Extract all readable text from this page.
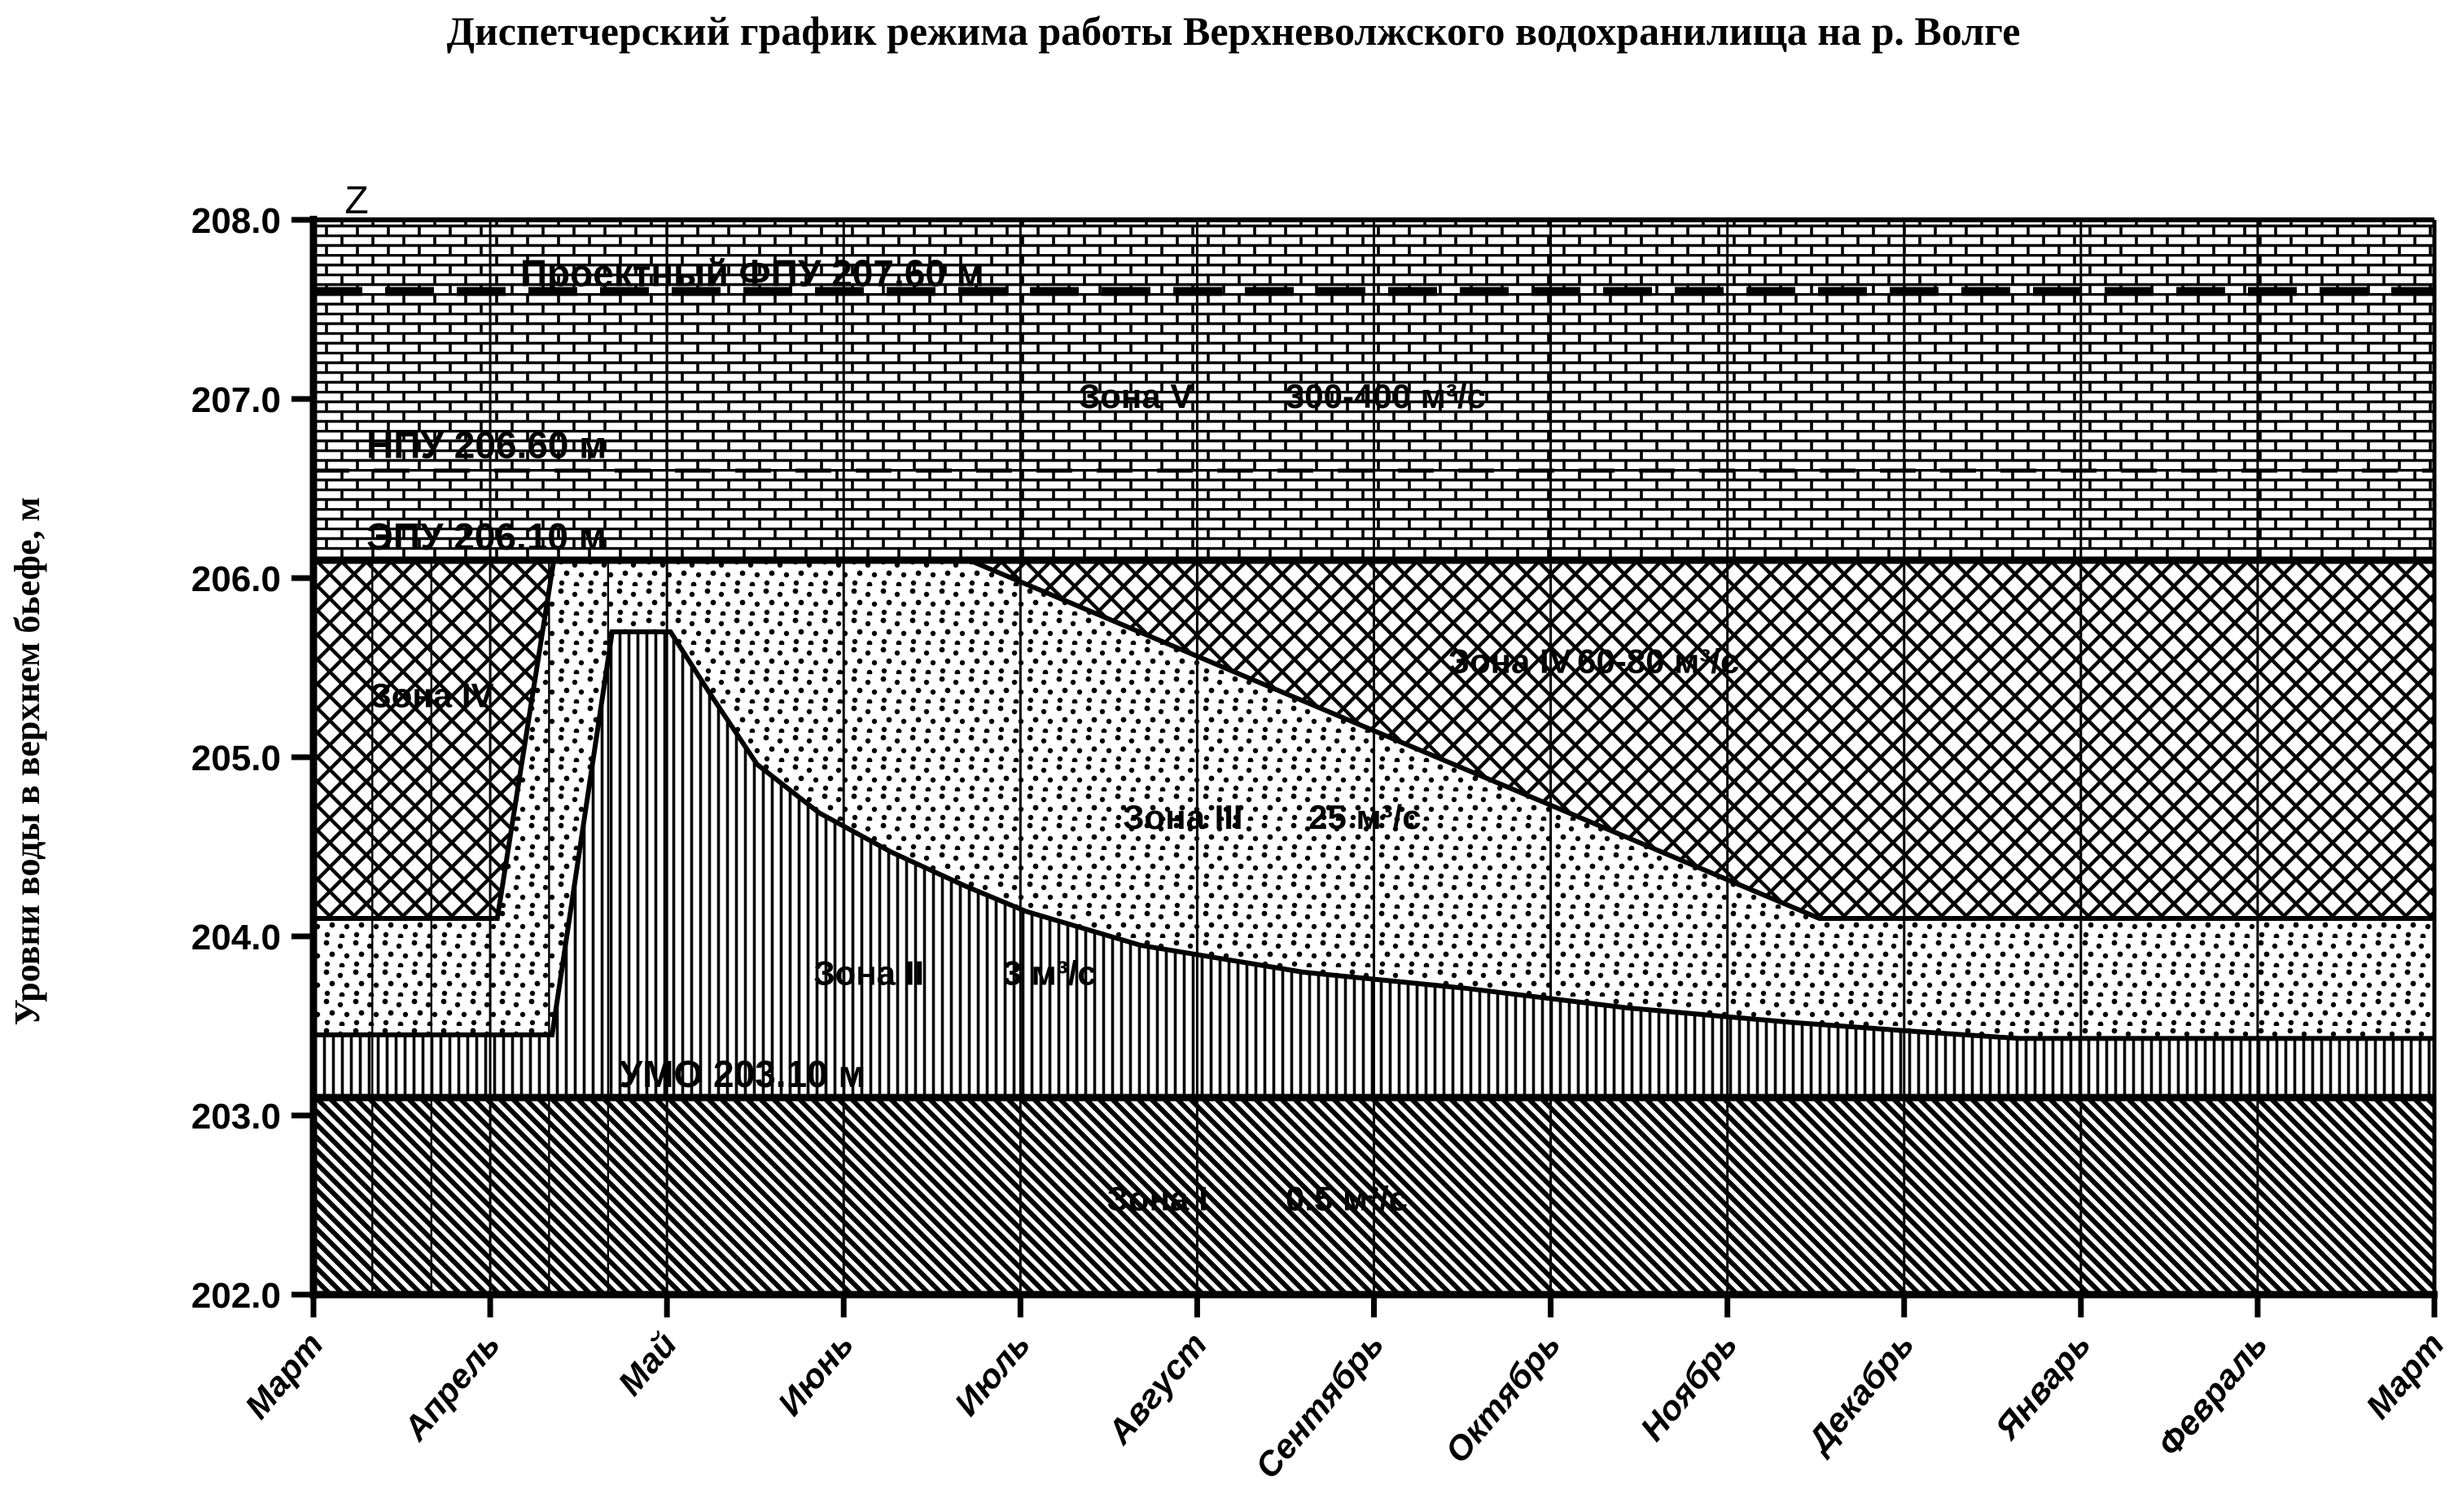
Диспетчерский график режима работы Верхневолжского водохранилища на р. Волге
Уровни воды в верхнем бьефе, м
Z
208.0
207.0
206.0
205.0
204.0
203.0
202.0
Март Апрель	Май	Июнь	Июль Август Сентябрь Октябрь Ноябрь Декабрь Январь Февраль Март
Проектный ФПУ 207.60 м
НПУ 206.60 м
ЭПУ 206.10 м
УМО 203.10 м
Зона V	300-400 м³/с
Зона IV
Зона IV 60-80 м³/с
Зона III 25 м³/с
Зона II 3 м³/с
Зона I 0.5 м³/с
